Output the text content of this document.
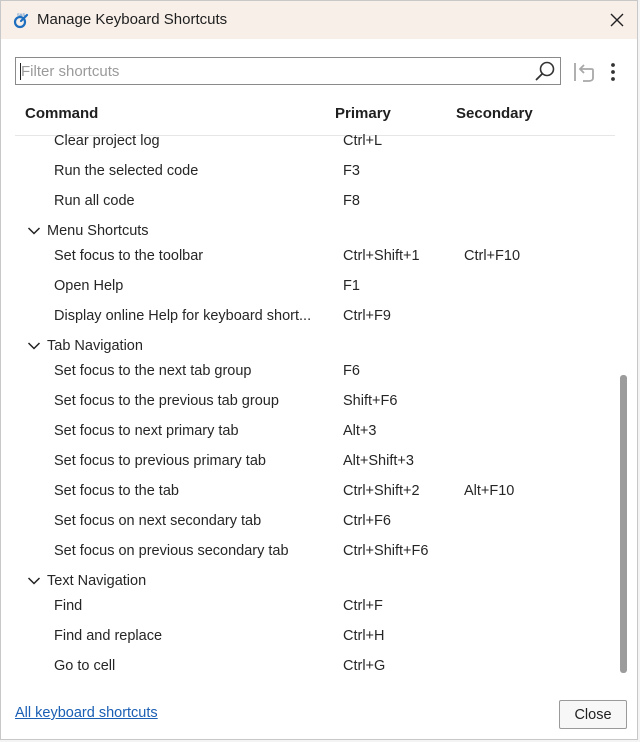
SAS Manage Keyboard Shortcuts
Filter shortcuts
Command	Primary	Secondary
Clear project log	Ctrl+L
Run the selected code	F3
Run all code	F8
Menu Shortcuts
Set focus to the toolbar	Ctrl+Shift+1	Ctrl+F10
Open Help	F1
Display online Help for keyboard short...	Ctrl+F9
Tab Navigation
Set focus to the next tab group	F6
Set focus to the previous tab group	Shift+F6
Set focus to next primary tab	Alt+3
Set focus to previous primary tab	Alt+Shift+3
Set focus to the tab	Ctrl+Shift+2	Alt+F10
Set focus on next secondary tab	Ctrl+F6
Set focus on previous secondary tab	Ctrl+Shift+F6
Text Navigation
Find	Ctrl+F
Find and replace	Ctrl+H
Go to cell	Ctrl+G
All keyboard shortcuts	Close
